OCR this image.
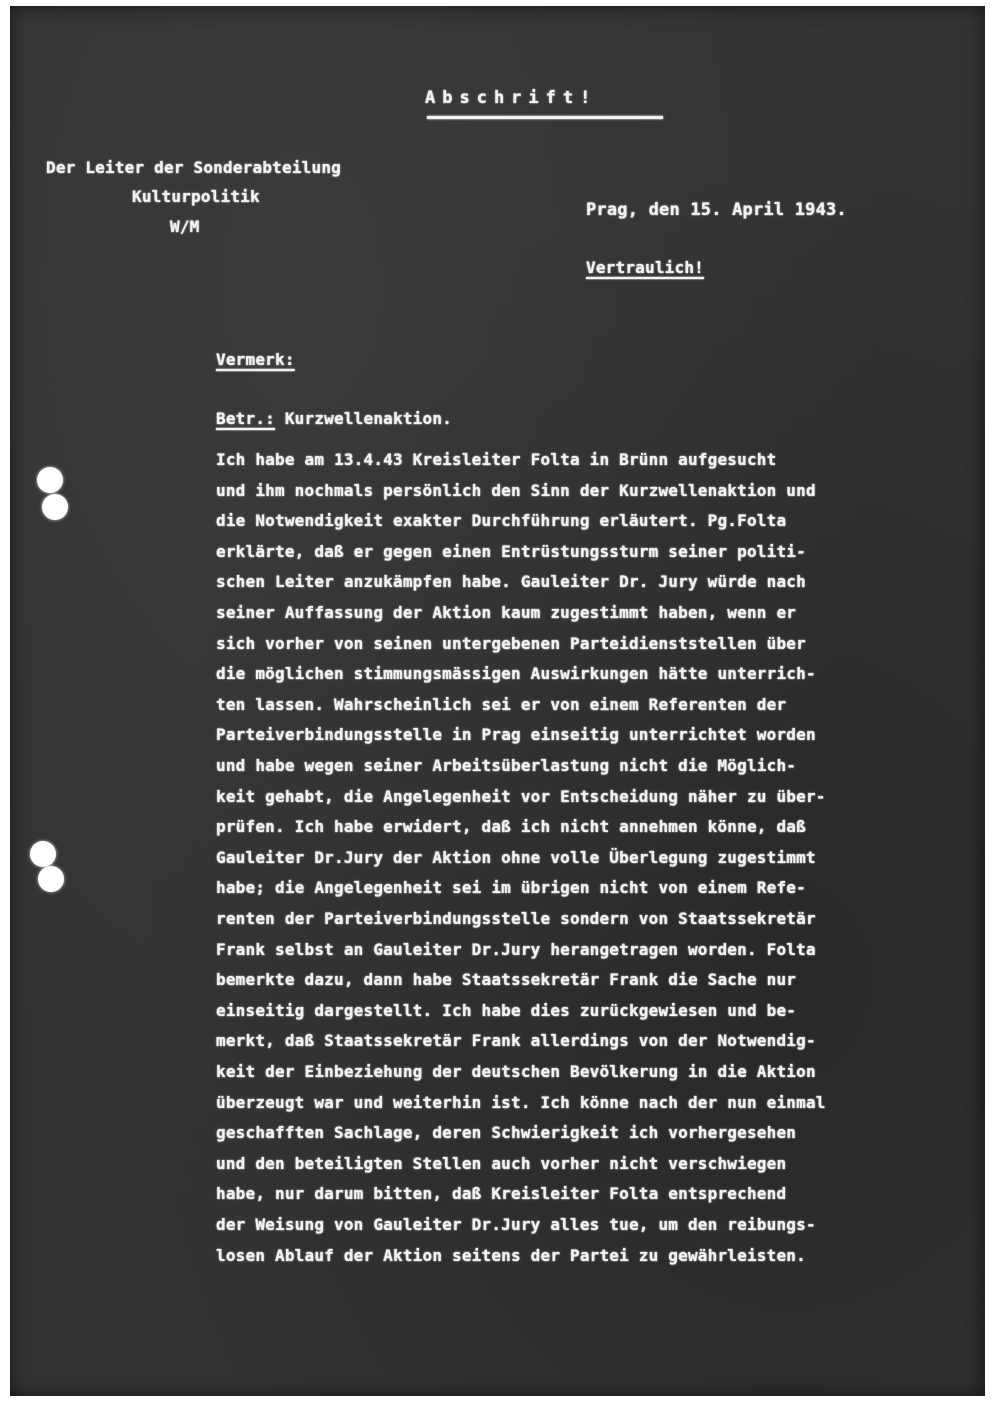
Abschrift!
Der Leiter der Sonderabteilung
Kulturpolitik
W/M
Prag, den 15. April 1943.
Vertraulich!
Vermerk:
Betr.: Kurzwellenaktion.
Ich habe am 13.4.43 Kreisleiter Folta in Brünn aufgesucht
und ihm nochmals persönlich den Sinn der Kurzwellenaktion und
die Notwendigkeit exakter Durchführung erläutert. Pg.Folta
erklärte, daß er gegen einen Entrüstungssturm seiner politi-
schen Leiter anzukämpfen habe. Gauleiter Dr. Jury würde nach
seiner Auffassung der Aktion kaum zugestimmt haben, wenn er
sich vorher von seinen untergebenen Parteidienststellen über
die möglichen stimmungsmässigen Auswirkungen hätte unterrich-
ten lassen. Wahrscheinlich sei er von einem Referenten der
Parteiverbindungsstelle in Prag einseitig unterrichtet worden
und habe wegen seiner Arbeitsüberlastung nicht die Möglich-
keit gehabt, die Angelegenheit vor Entscheidung näher zu über-
prüfen. Ich habe erwidert, daß ich nicht annehmen könne, daß
Gauleiter Dr.Jury der Aktion ohne volle Überlegung zugestimmt
habe; die Angelegenheit sei im übrigen nicht von einem Refe-
renten der Parteiverbindungsstelle sondern von Staatssekretär
Frank selbst an Gauleiter Dr.Jury herangetragen worden. Folta
bemerkte dazu, dann habe Staatssekretär Frank die Sache nur
einseitig dargestellt. Ich habe dies zurückgewiesen und be-
merkt, daß Staatssekretär Frank allerdings von der Notwendig-
keit der Einbeziehung der deutschen Bevölkerung in die Aktion
überzeugt war und weiterhin ist. Ich könne nach der nun einmal
geschafften Sachlage, deren Schwierigkeit ich vorhergesehen
und den beteiligten Stellen auch vorher nicht verschwiegen
habe, nur darum bitten, daß Kreisleiter Folta entsprechend
der Weisung von Gauleiter Dr.Jury alles tue, um den reibungs-
losen Ablauf der Aktion seitens der Partei zu gewährleisten.
